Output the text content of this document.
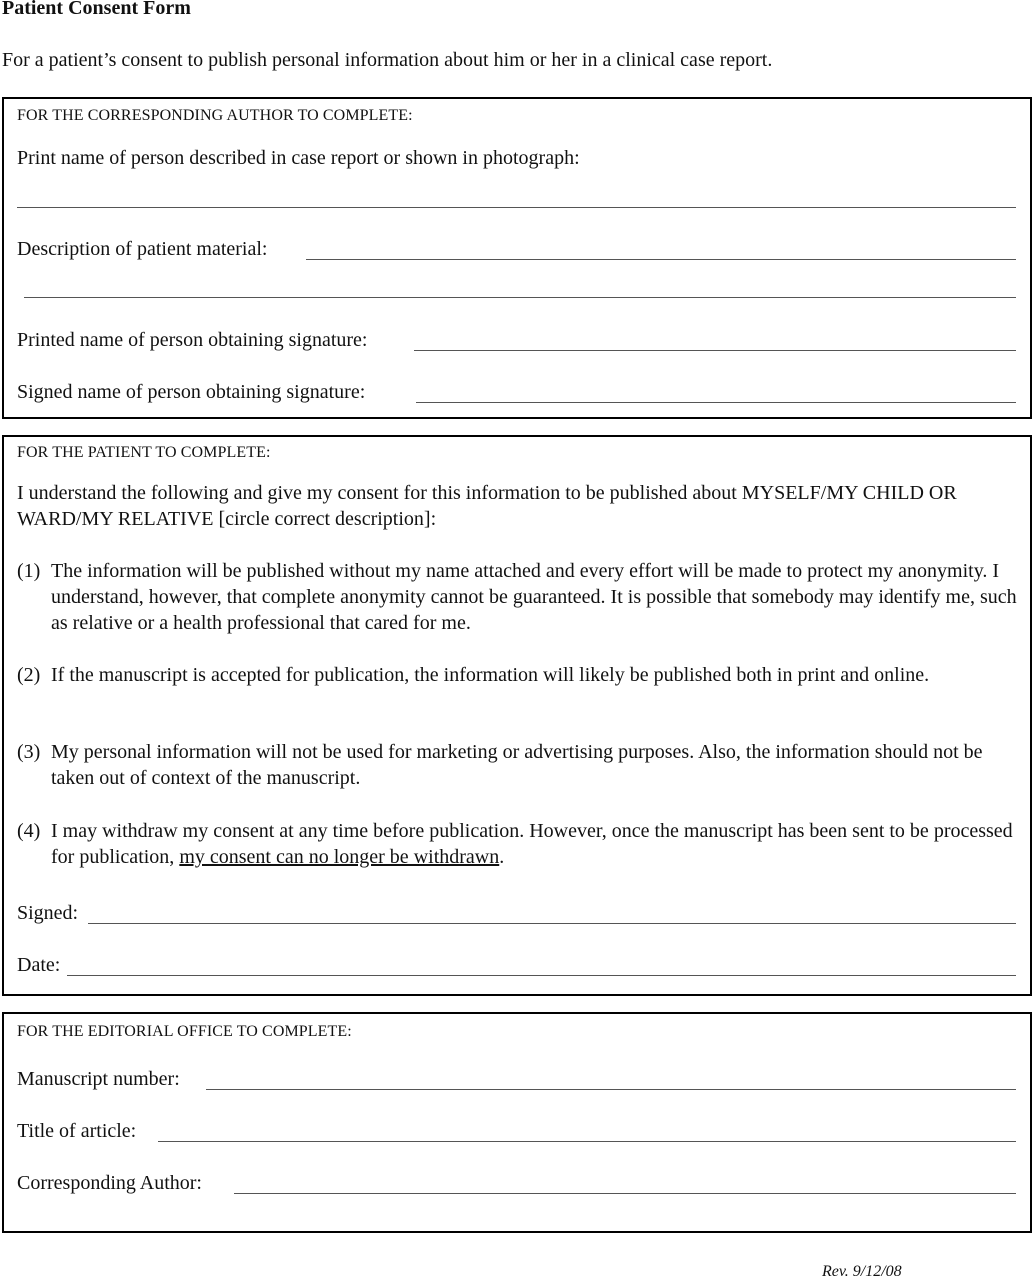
Patient Consent Form
For a patient’s consent to publish personal information about him or her in a clinical case report.
FOR THE CORRESPONDING AUTHOR TO COMPLETE:
Print name of person described in case report or shown in photograph:
Description of patient material:
Printed name of person obtaining signature:
Signed name of person obtaining signature:
FOR THE PATIENT TO COMPLETE:
I understand the following and give my consent for this information to be published about MYSELF/MY CHILD OR WARD/MY RELATIVE [circle correct description]:
(1) The information will be published without my name attached and every effort will be made to protect my anonymity. I understand, however, that complete anonymity cannot be guaranteed. It is possible that somebody may identify me, such as relative or a health professional that cared for me.
(2) If the manuscript is accepted for publication, the information will likely be published both in print and online.
(3) My personal information will not be used for marketing or advertising purposes. Also, the information should not be taken out of context of the manuscript.
(4) I may withdraw my consent at any time before publication. However, once the manuscript has been sent to be processed for publication, my consent can no longer be withdrawn.
Signed:
Date:
FOR THE EDITORIAL OFFICE TO COMPLETE:
Manuscript number:
Title of article:
Corresponding Author:
Rev. 9/12/08
